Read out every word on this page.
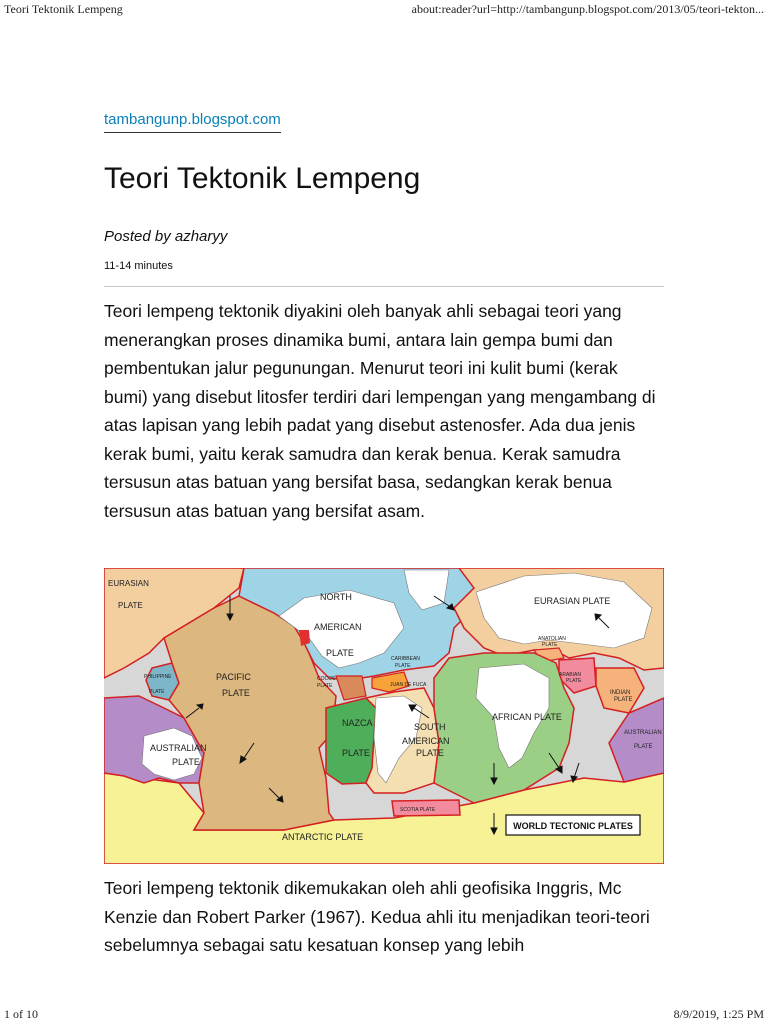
Teori Tektonik Lempeng	about:reader?url=http://tambangunp.blogspot.com/2013/05/teori-tekton...
tambangunp.blogspot.com
Teori Tektonik Lempeng
Posted by azharyy
11-14 minutes

Teori lempeng tektonik diyakini oleh banyak ahli sebagai teori yang menerangkan proses dinamika bumi, antara lain gempa bumi dan pembentukan jalur pegunungan. Menurut teori ini kulit bumi (kerak bumi) yang disebut litosfer terdiri dari lempengan yang mengambang di atas lapisan yang lebih padat yang disebut astenosfer. Ada dua jenis kerak bumi, yaitu kerak samudra dan kerak benua. Kerak samudra tersusun atas batuan yang bersifat basa, sedangkan kerak benua tersusun atas batuan yang bersifat asam.

EURASIAN
PLATE
NORTH
AMERICAN
PLATE
EURASIAN PLATE
PACIFIC
PLATE
PHILIPPINE
PLATE
JUAN DE FUCA
CARIBBEAN
PLATE
COCOS
PLATE
NAZCA
PLATE
SOUTH
AMERICAN
PLATE
AFRICAN PLATE
ARABIAN
PLATE
ANATOLIAN
PLATE
INDIAN
PLATE
AUSTRALIAN
PLATE
AUSTRALIAN
PLATE
ANTARCTIC PLATE
SCOTIA PLATE
WORLD TECTONIC PLATES

Teori lempeng tektonik dikemukakan oleh ahli geofisika Inggris, Mc Kenzie dan Robert Parker (1967). Kedua ahli itu menjadikan teori-teori sebelumnya sebagai satu kesatuan konsep yang lebih

1 of 10	8/9/2019, 1:25 PM
